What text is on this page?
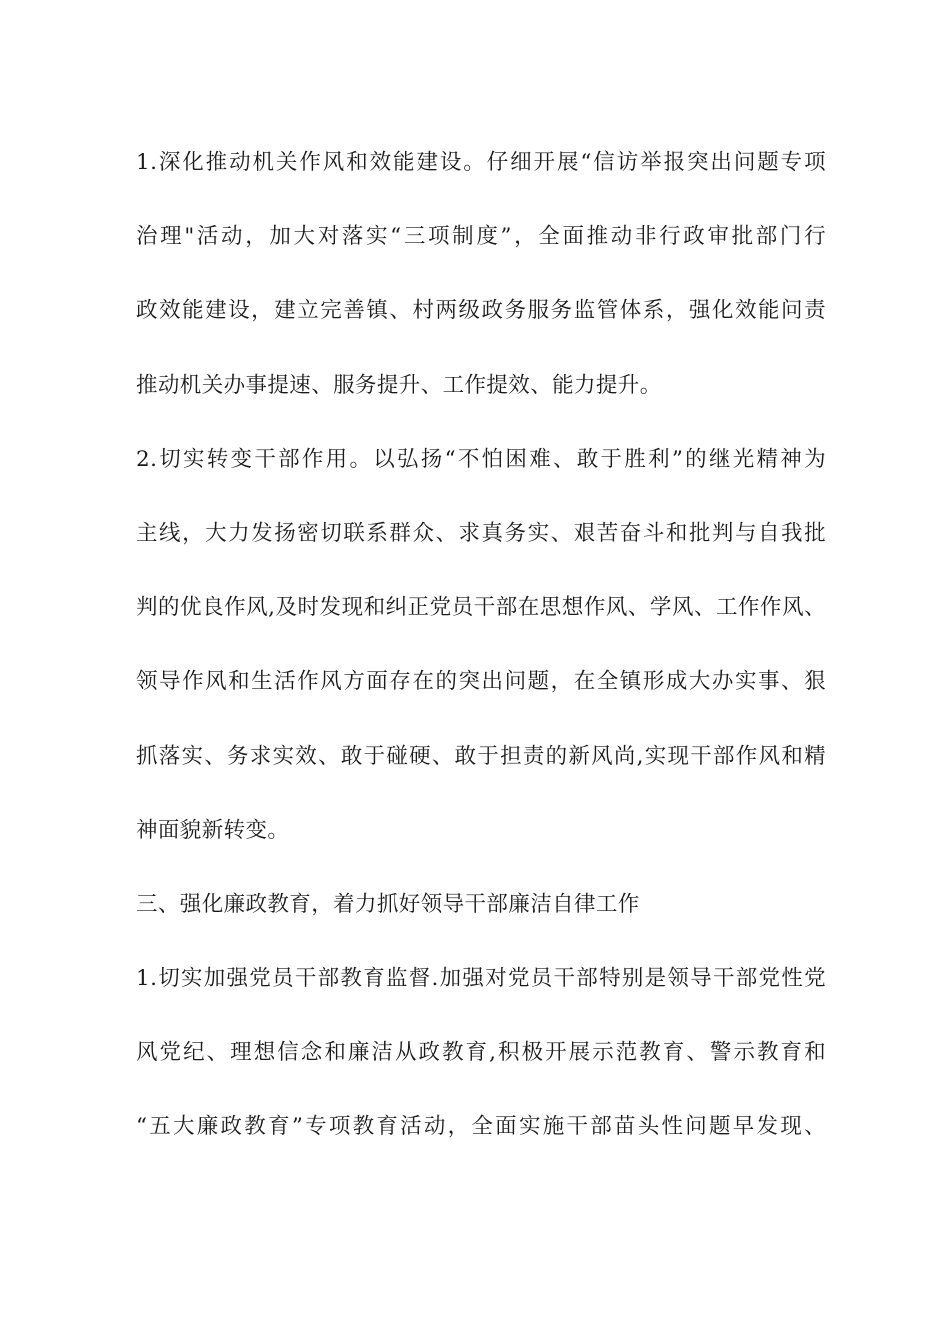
1.深化推动机关作风和效能建设。仔细开展“信访举报突出问题专项
治理"活动，加大对落实“三项制度”，全面推动非行政审批部门行
政效能建设，建立完善镇、村两级政务服务监管体系，强化效能问责
推动机关办事提速、服务提升、工作提效、能力提升。
2.切实转变干部作用。以弘扬“不怕困难、敢于胜利”的继光精神为
主线，大力发扬密切联系群众、求真务实、艰苦奋斗和批判与自我批
判的优良作风,及时发现和纠正党员干部在思想作风、学风、工作作风、
领导作风和生活作风方面存在的突出问题，在全镇形成大办实事、狠
抓落实、务求实效、敢于碰硬、敢于担责的新风尚,实现干部作风和精
神面貌新转变。
三、强化廉政教育，着力抓好领导干部廉洁自律工作
1.切实加强党员干部教育监督.加强对党员干部特别是领导干部党性党
风党纪、理想信念和廉洁从政教育,积极开展示范教育、警示教育和
“五大廉政教育”专项教育活动，全面实施干部苗头性问题早发现、
